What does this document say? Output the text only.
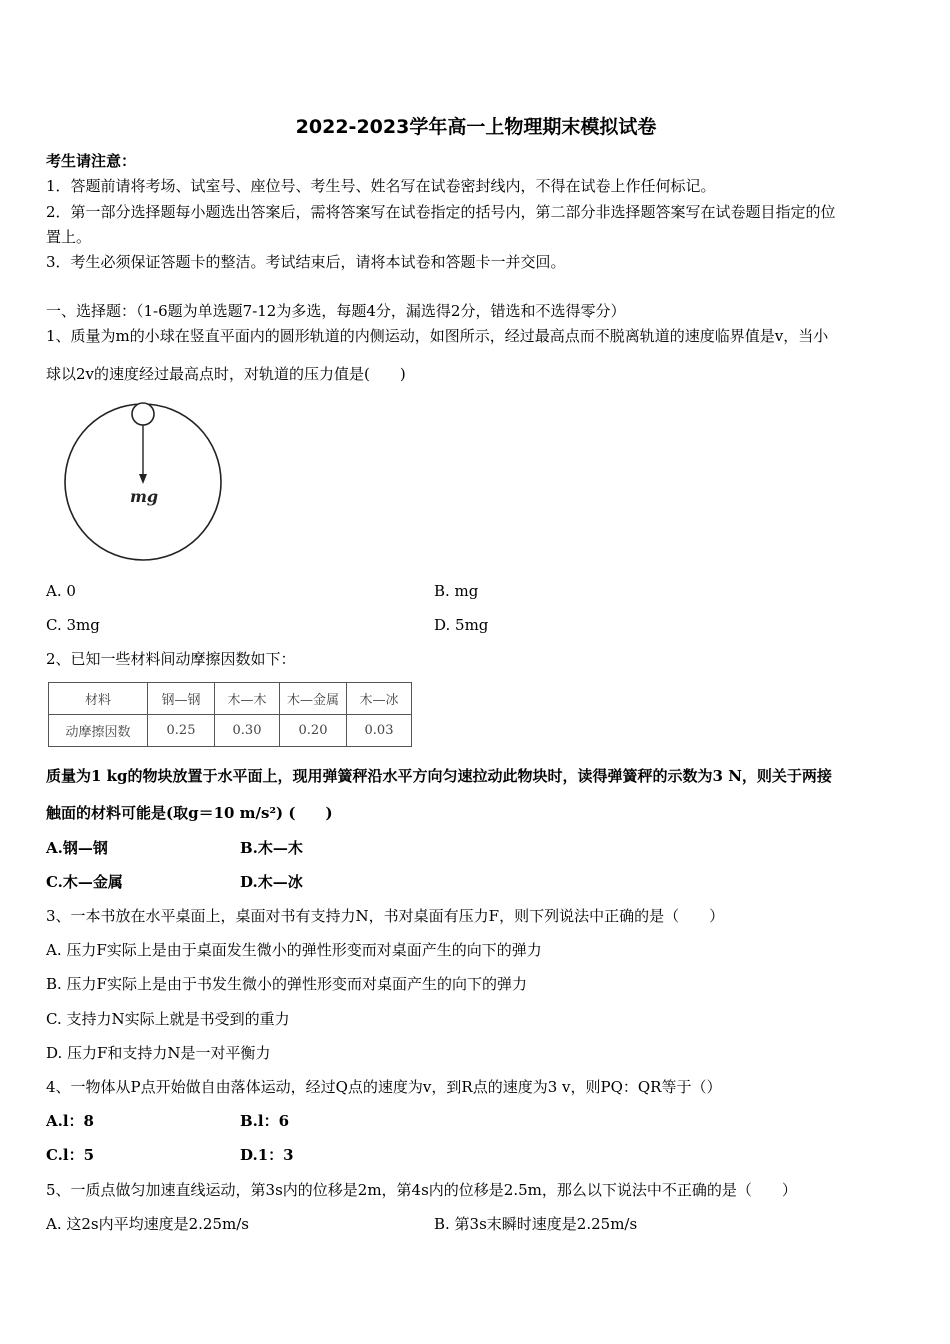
2022-2023学年高一上物理期末模拟试卷
考生请注意：
1．答题前请将考场、试室号、座位号、考生号、姓名写在试卷密封线内，不得在试卷上作任何标记。
2．第一部分选择题每小题选出答案后，需将答案写在试卷指定的括号内，第二部分非选择题答案写在试卷题目指定的位
置上。
3．考生必须保证答题卡的整洁。考试结束后，请将本试卷和答题卡一并交回。
一、选择题：（1-6题为单选题7-12为多选，每题4分，漏选得2分，错选和不选得零分）
1、质量为m的小球在竖直平面内的圆形轨道的内侧运动，如图所示，经过最高点而不脱离轨道的速度临界值是v，当小
球以2v的速度经过最高点时，对轨道的压力值是(　　)
mg
A. 0	B. mg
C. 3mg	D. 5mg
2、已知一些材料间动摩擦因数如下：
材料	钢—钢	木—木	木—金属	木—冰
动摩擦因数	0.25	0.30	0.20	0.03
质量为1 kg的物块放置于水平面上，现用弹簧秤沿水平方向匀速拉动此物块时，读得弹簧秤的示数为3 N，则关于两接
触面的材料可能是(取g＝10 m/s²) (　　)
A.钢—钢	B.木—木
C.木—金属	D.木—冰
3、一本书放在水平桌面上，桌面对书有支持力N，书对桌面有压力F，则下列说法中正确的是（　　）
A. 压力F实际上是由于桌面发生微小的弹性形变而对桌面产生的向下的弹力
B. 压力F实际上是由于书发生微小的弹性形变而对桌面产生的向下的弹力
C. 支持力N实际上就是书受到的重力
D. 压力F和支持力N是一对平衡力
4、一物体从P点开始做自由落体运动，经过Q点的速度为v，到R点的速度为3 v，则PQ：QR等于（）
A.l：8	B.l：6
C.l：5	D.1：3
5、一质点做匀加速直线运动，第3s内的位移是2m，第4s内的位移是2.5m，那么以下说法中不正确的是（　　）
A. 这2s内平均速度是2.25m/s	B. 第3s末瞬时速度是2.25m/s
